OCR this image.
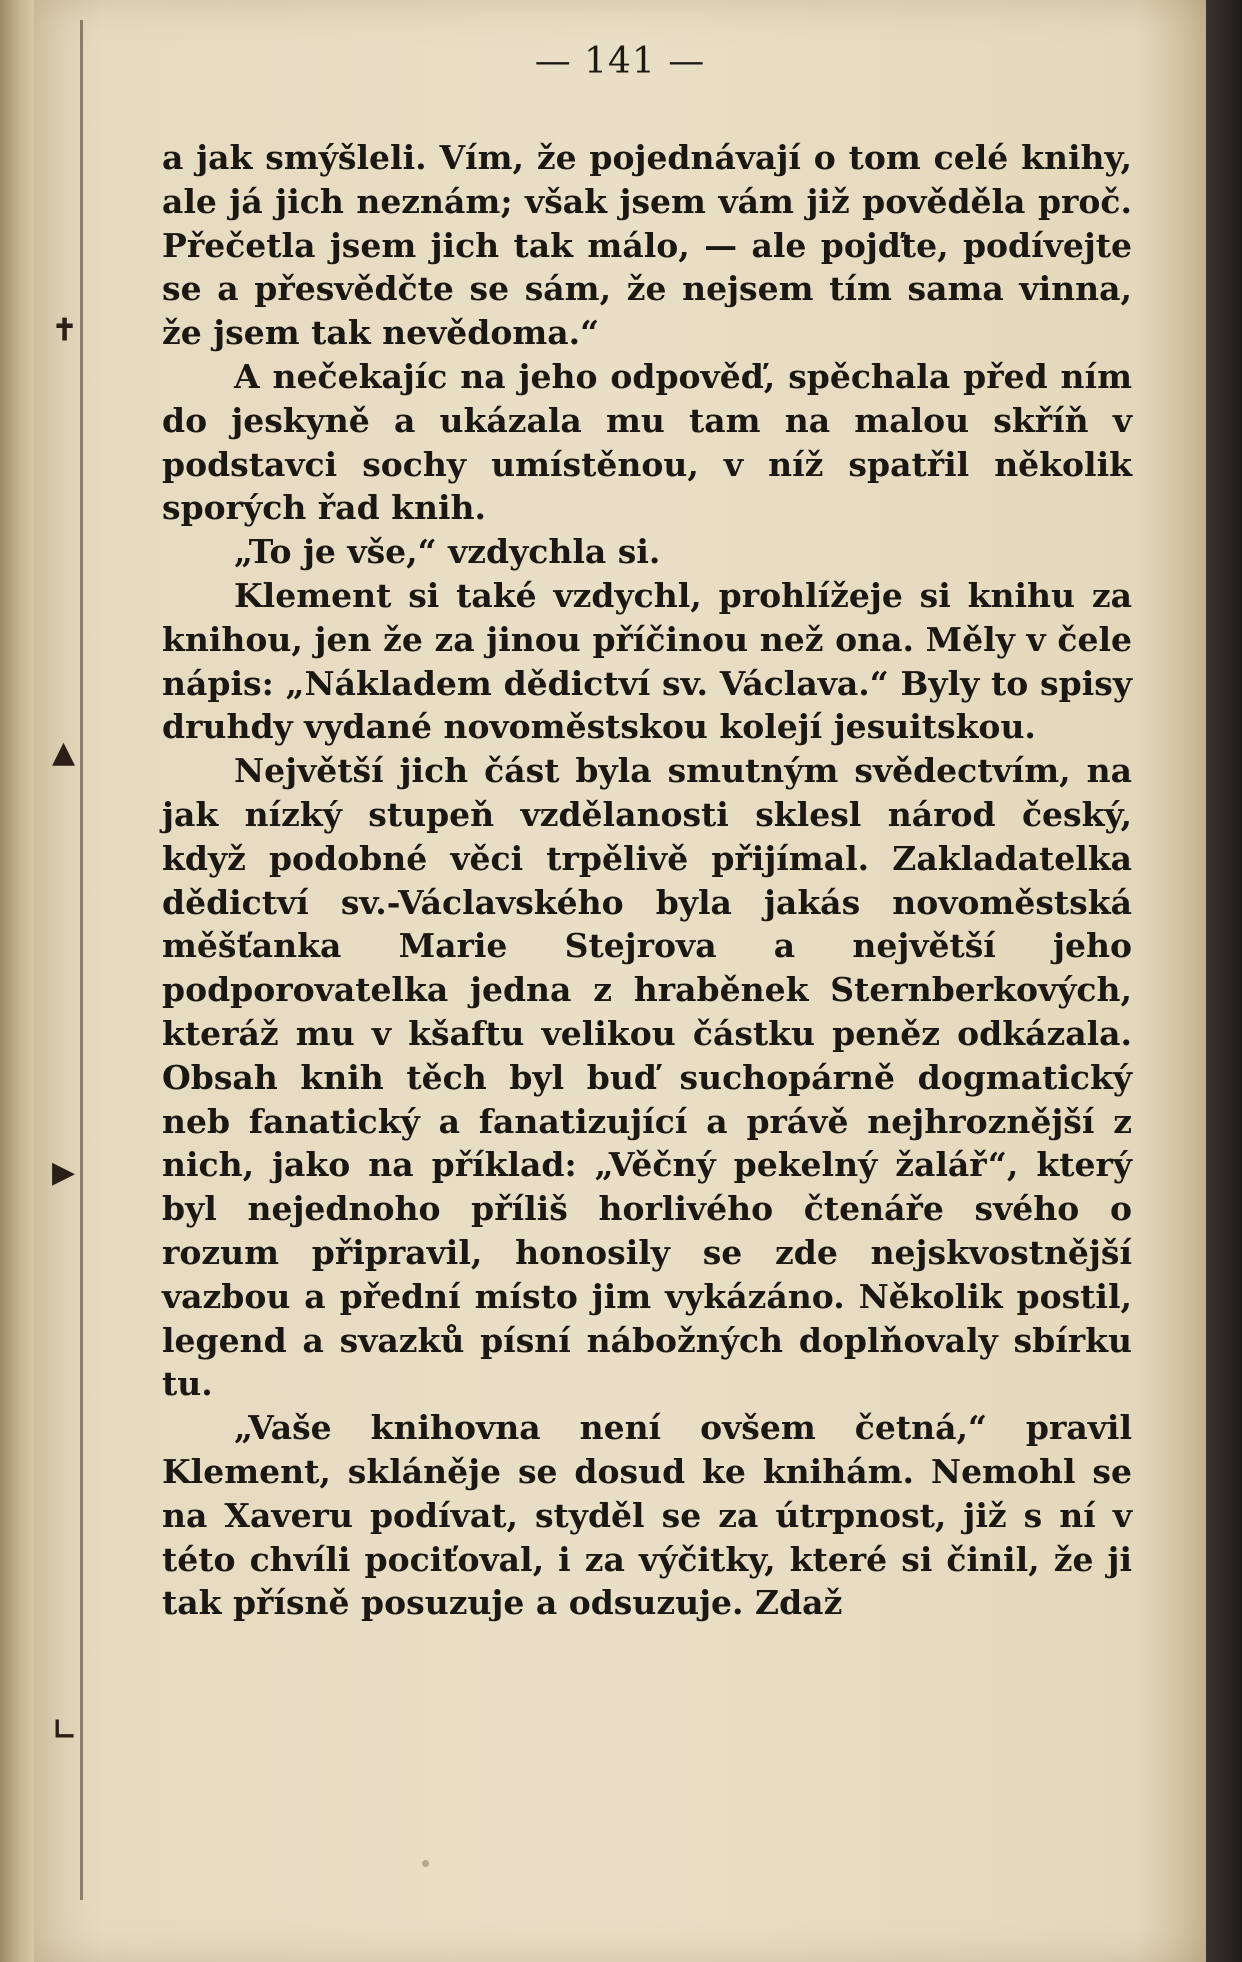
✝
▲
▶
∟
— 141 —

a jak smýšleli. Vím, že pojednávají o tom celé knihy, ale já jich neznám; však jsem vám již pověděla proč. Přečetla jsem jich tak málo, — ale pojďte, podívejte se a přesvědčte se sám, že nejsem tím sama vinna, že jsem tak nevědoma.“

A nečekajíc na jeho odpověď, spěchala před ním do jeskyně a ukázala mu tam na malou skříň v podstavci sochy umístěnou, v níž spatřil několik sporých řad knih.

„To je vše,“ vzdychla si.

Klement si také vzdychl, prohlížeje si knihu za knihou, jen že za jinou příčinou než ona. Měly v čele nápis: „Nákladem dědictví sv. Václava.“ Byly to spisy druhdy vydané novoměstskou kolejí jesuitskou.

Největší jich část byla smutným svědectvím, na jak nízký stupeň vzdělanosti sklesl národ český, když podobné věci trpělivě přijímal. Zakladatelka dědictví sv.-Václavského byla jakás novoměstská měšťanka Marie Stejrova a největší jeho podporovatelka jedna z hraběnek Sternberkových, kteráž mu v kšaftu velikou částku peněz odkázala. Obsah knih těch byl buď suchopárně dogmatický neb fanatický a fanatizující a právě nejhroznější z nich, jako na příklad: „Věčný pekelný žalář“, který byl nejednoho příliš horlivého čtenáře svého o rozum připravil, honosily se zde nejskvostnější vazbou a přední místo jim vykázáno. Několik postil, legend a svazků písní nábožných doplňovaly sbírku tu.

„Vaše knihovna není ovšem četná,“ pravil Klement, skláněje se dosud ke knihám. Nemohl se na Xaveru podívat, styděl se za útrpnost, již s ní v této chvíli pociťoval, i za výčitky, které si činil, že ji tak přísně posuzuje a odsuzuje. Zdaž
